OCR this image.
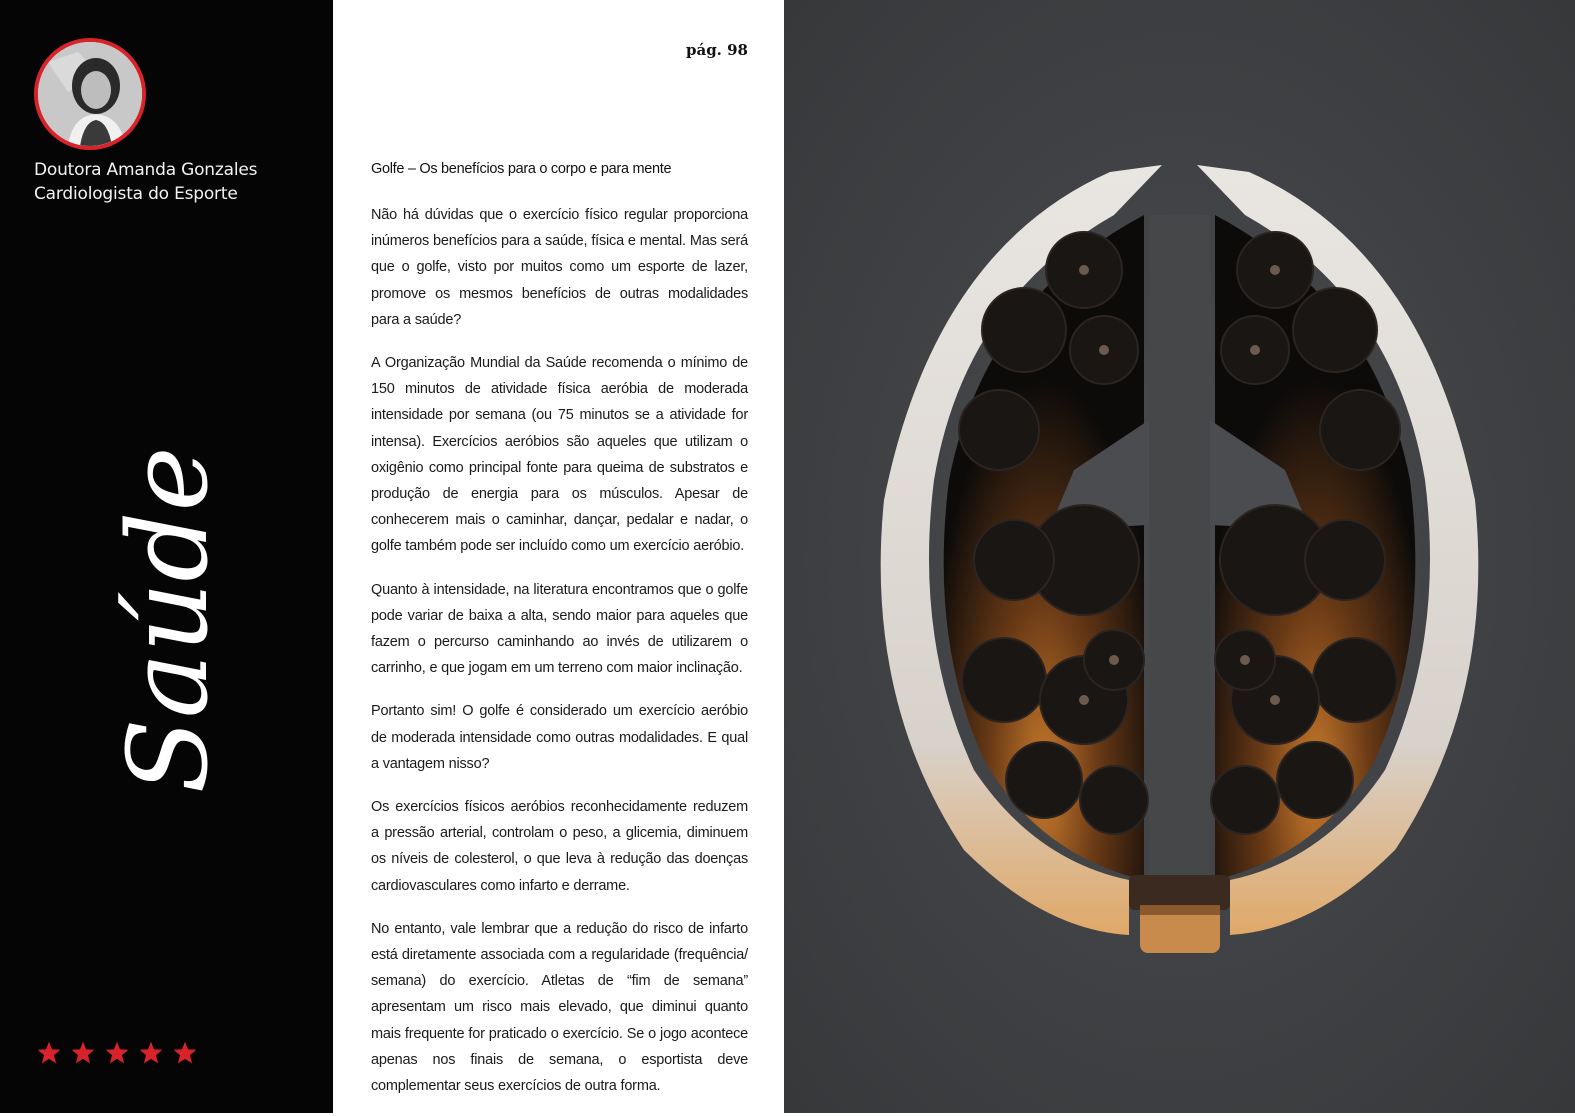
Doutora Amanda Gonzales
Cardiologista do Esporte
Saúde
pág. 98
Golfe – Os benefícios para o corpo e para mente

Não há dúvidas que o exercício físico regular proporciona inúmeros benefícios para a saúde, física e mental. Mas será que o golfe, visto por muitos como um esporte de lazer, promove os mesmos benefícios de outras modalidades para a saúde?

A Organização Mundial da Saúde recomenda o mínimo de 150 minutos de atividade física aeróbia de moderada intensidade por semana (ou 75 minutos se a atividade for intensa). Exercícios aeróbios são aqueles que utilizam o oxigênio como principal fonte para queima de substratos e produção de energia para os músculos. Apesar de conhecerem mais o caminhar, dançar, pedalar e nadar, o golfe também pode ser incluído como um exercício aeróbio.

Quanto à intensidade, na literatura encontramos que o golfe pode variar de baixa a alta, sendo maior para aqueles que fazem o percurso caminhando ao invés de utilizarem o carrinho, e que jogam em um terreno com maior inclinação.

Portanto sim! O golfe é considerado um exercício aeróbio de moderada intensidade como outras modalidades. E qual a vantagem nisso?

Os exercícios físicos aeróbios reconhecidamente reduzem a pressão arterial, controlam o peso, a glicemia, diminuem os níveis de colesterol, o que leva à redução das doenças cardiovasculares como infarto e derrame.

No entanto, vale lembrar que a redução do risco de infarto está diretamente associada com a regularidade (frequência/ semana) do exercício. Atletas de “fim de semana” apresentam um risco mais elevado, que diminui quanto mais frequente for praticado o exercício. Se o jogo acontece apenas nos finais de semana, o esportista deve complementar seus exercícios de outra forma.
